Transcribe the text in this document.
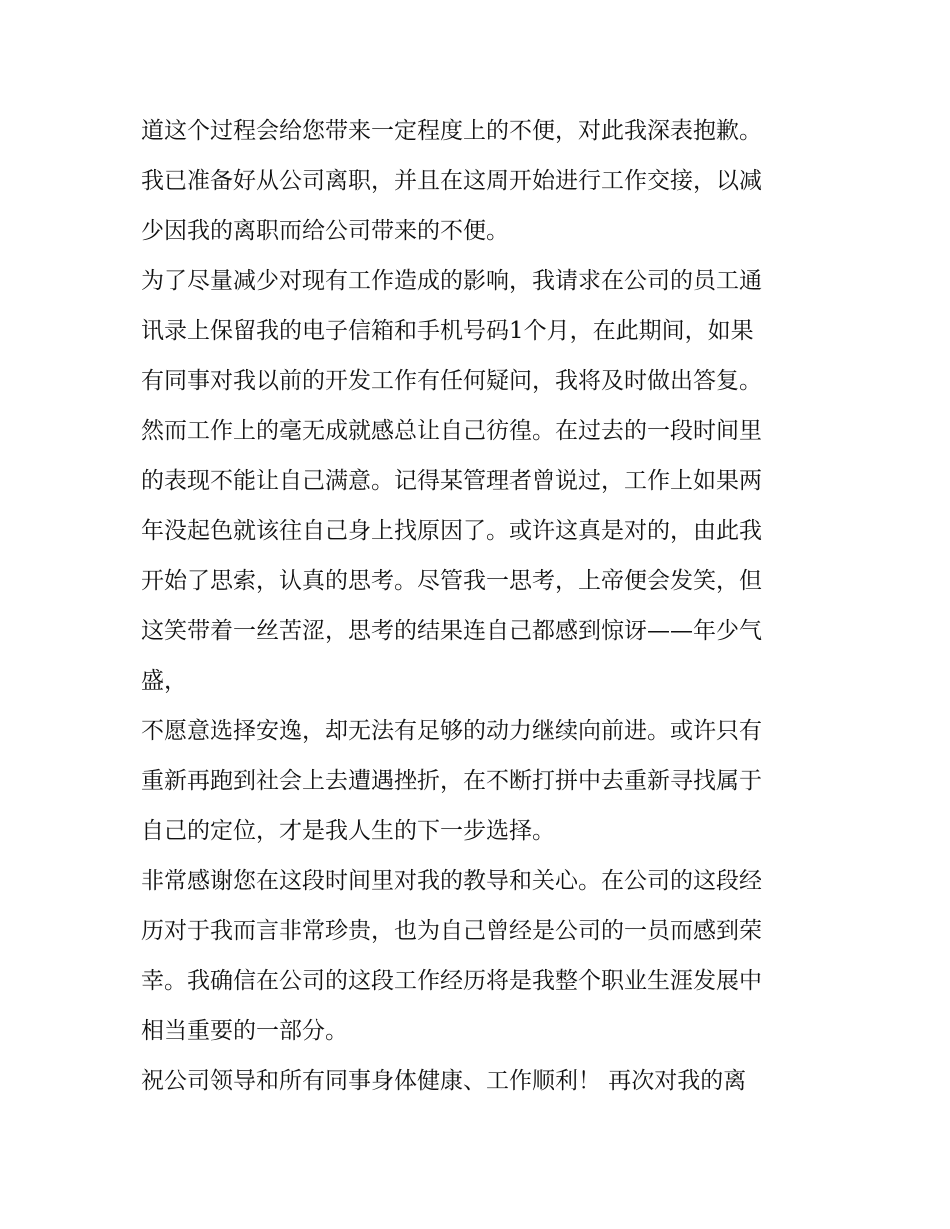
道这个过程会给您带来一定程度上的不便，对此我深表抱歉。
我已准备好从公司离职，并且在这周开始进行工作交接，以减
少因我的离职而给公司带来的不便。
为了尽量减少对现有工作造成的影响，我请求在公司的员工通
讯录上保留我的电子信箱和手机号码1个月，在此期间，如果
有同事对我以前的开发工作有任何疑问，我将及时做出答复。
然而工作上的毫无成就感总让自己彷徨。在过去的一段时间里
的表现不能让自己满意。记得某管理者曾说过，工作上如果两
年没起色就该往自己身上找原因了。或许这真是对的，由此我
开始了思索，认真的思考。尽管我一思考，上帝便会发笑，但
这笑带着一丝苦涩，思考的结果连自己都感到惊讶——年少气
盛，
不愿意选择安逸，却无法有足够的动力继续向前进。或许只有
重新再跑到社会上去遭遇挫折，在不断打拼中去重新寻找属于
自己的定位，才是我人生的下一步选择。
非常感谢您在这段时间里对我的教导和关心。在公司的这段经
历对于我而言非常珍贵，也为自己曾经是公司的一员而感到荣
幸。我确信在公司的这段工作经历将是我整个职业生涯发展中
相当重要的一部分。
祝公司领导和所有同事身体健康、工作顺利！ 再次对我的离
